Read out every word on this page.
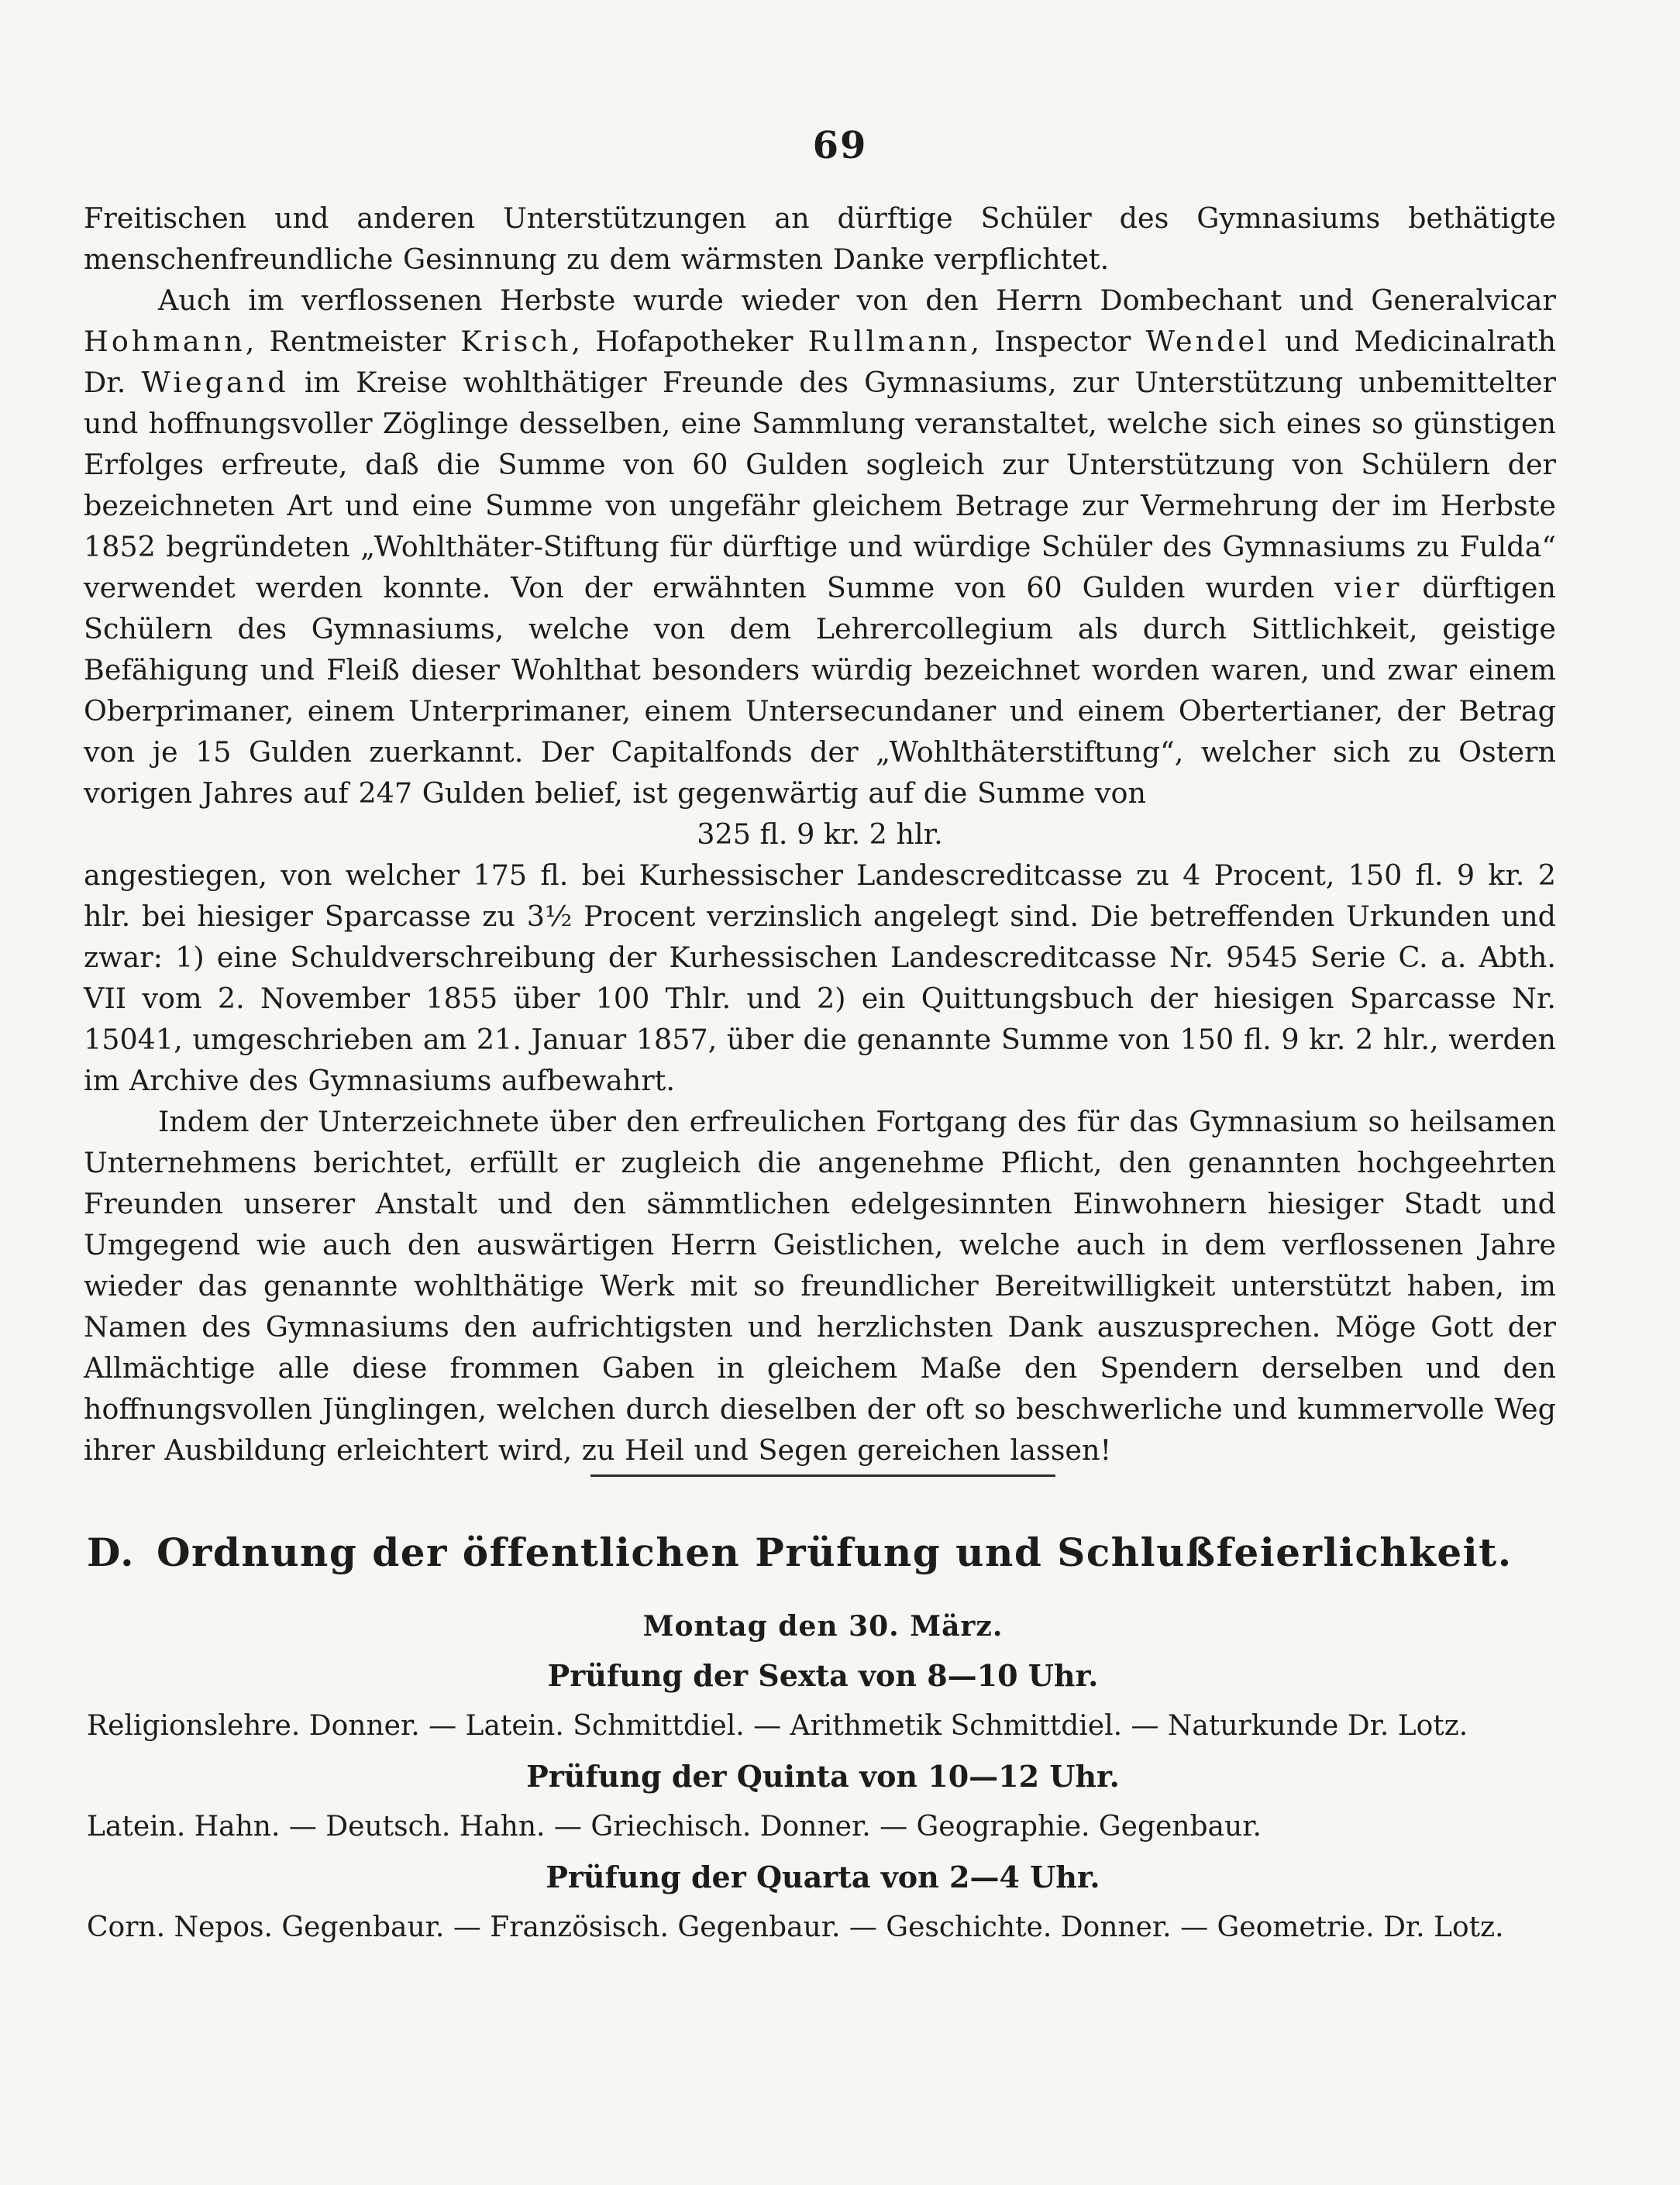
69

Freitischen und anderen Unterstützungen an dürftige Schüler des Gymnasiums bethätigte menschenfreundliche Gesinnung zu dem wärmsten Danke verpflichtet.

Auch im verflossenen Herbste wurde wieder von den Herrn Dombechant und Generalvicar Hohmann, Rentmeister Krisch, Hofapotheker Rullmann, Inspector Wendel und Medicinalrath Dr. Wiegand im Kreise wohlthätiger Freunde des Gymnasiums, zur Unterstützung unbemittelter und hoffnungsvoller Zöglinge desselben, eine Sammlung veranstaltet, welche sich eines so günstigen Erfolges erfreute, daß die Summe von 60 Gulden sogleich zur Unterstützung von Schülern der bezeichneten Art und eine Summe von ungefähr gleichem Betrage zur Vermehrung der im Herbste 1852 begründeten „Wohlthäter-Stiftung für dürftige und würdige Schüler des Gymnasiums zu Fulda“ verwendet werden konnte. Von der erwähnten Summe von 60 Gulden wurden vier dürftigen Schülern des Gymnasiums, welche von dem Lehrercollegium als durch Sittlichkeit, geistige Befähigung und Fleiß dieser Wohlthat besonders würdig bezeichnet worden waren, und zwar einem Oberprimaner, einem Unterprimaner, einem Untersecundaner und einem Obertertianer, der Betrag von je 15 Gulden zuerkannt. Der Capitalfonds der „Wohlthäterstiftung“, welcher sich zu Ostern vorigen Jahres auf 247 Gulden belief, ist gegenwärtig auf die Summe von

325 fl. 9 kr. 2 hlr.

angestiegen, von welcher 175 fl. bei Kurhessischer Landescreditcasse zu 4 Procent, 150 fl. 9 kr. 2 hlr. bei hiesiger Sparcasse zu 3½ Procent verzinslich angelegt sind. Die betreffenden Urkunden und zwar: 1) eine Schuldverschreibung der Kurhessischen Landescreditcasse Nr. 9545 Serie C. a. Abth. VII vom 2. November 1855 über 100 Thlr. und 2) ein Quittungsbuch der hiesigen Sparcasse Nr. 15041, umgeschrieben am 21. Januar 1857, über die genannte Summe von 150 fl. 9 kr. 2 hlr., werden im Archive des Gymnasiums aufbewahrt.

Indem der Unterzeichnete über den erfreulichen Fortgang des für das Gymnasium so heilsamen Unternehmens berichtet, erfüllt er zugleich die angenehme Pflicht, den genannten hochgeehrten Freunden unserer Anstalt und den sämmtlichen edelgesinnten Einwohnern hiesiger Stadt und Umgegend wie auch den auswärtigen Herrn Geistlichen, welche auch in dem verflossenen Jahre wieder das genannte wohlthätige Werk mit so freundlicher Bereitwilligkeit unterstützt haben, im Namen des Gymnasiums den aufrichtigsten und herzlichsten Dank auszusprechen. Möge Gott der Allmächtige alle diese frommen Gaben in gleichem Maße den Spendern derselben und den hoffnungsvollen Jünglingen, welchen durch dieselben der oft so beschwerliche und kummervolle Weg ihrer Ausbildung erleichtert wird, zu Heil und Segen gereichen lassen!

D. Ordnung der öffentlichen Prüfung und Schlußfeierlichkeit.

Montag den 30. März.

Prüfung der Sexta von 8—10 Uhr.

Religionslehre. Donner. — Latein. Schmittdiel. — Arithmetik Schmittdiel. — Naturkunde Dr. Lotz.

Prüfung der Quinta von 10—12 Uhr.

Latein. Hahn. — Deutsch. Hahn. — Griechisch. Donner. — Geographie. Gegenbaur.

Prüfung der Quarta von 2—4 Uhr.

Corn. Nepos. Gegenbaur. — Französisch. Gegenbaur. — Geschichte. Donner. — Geometrie. Dr. Lotz.
